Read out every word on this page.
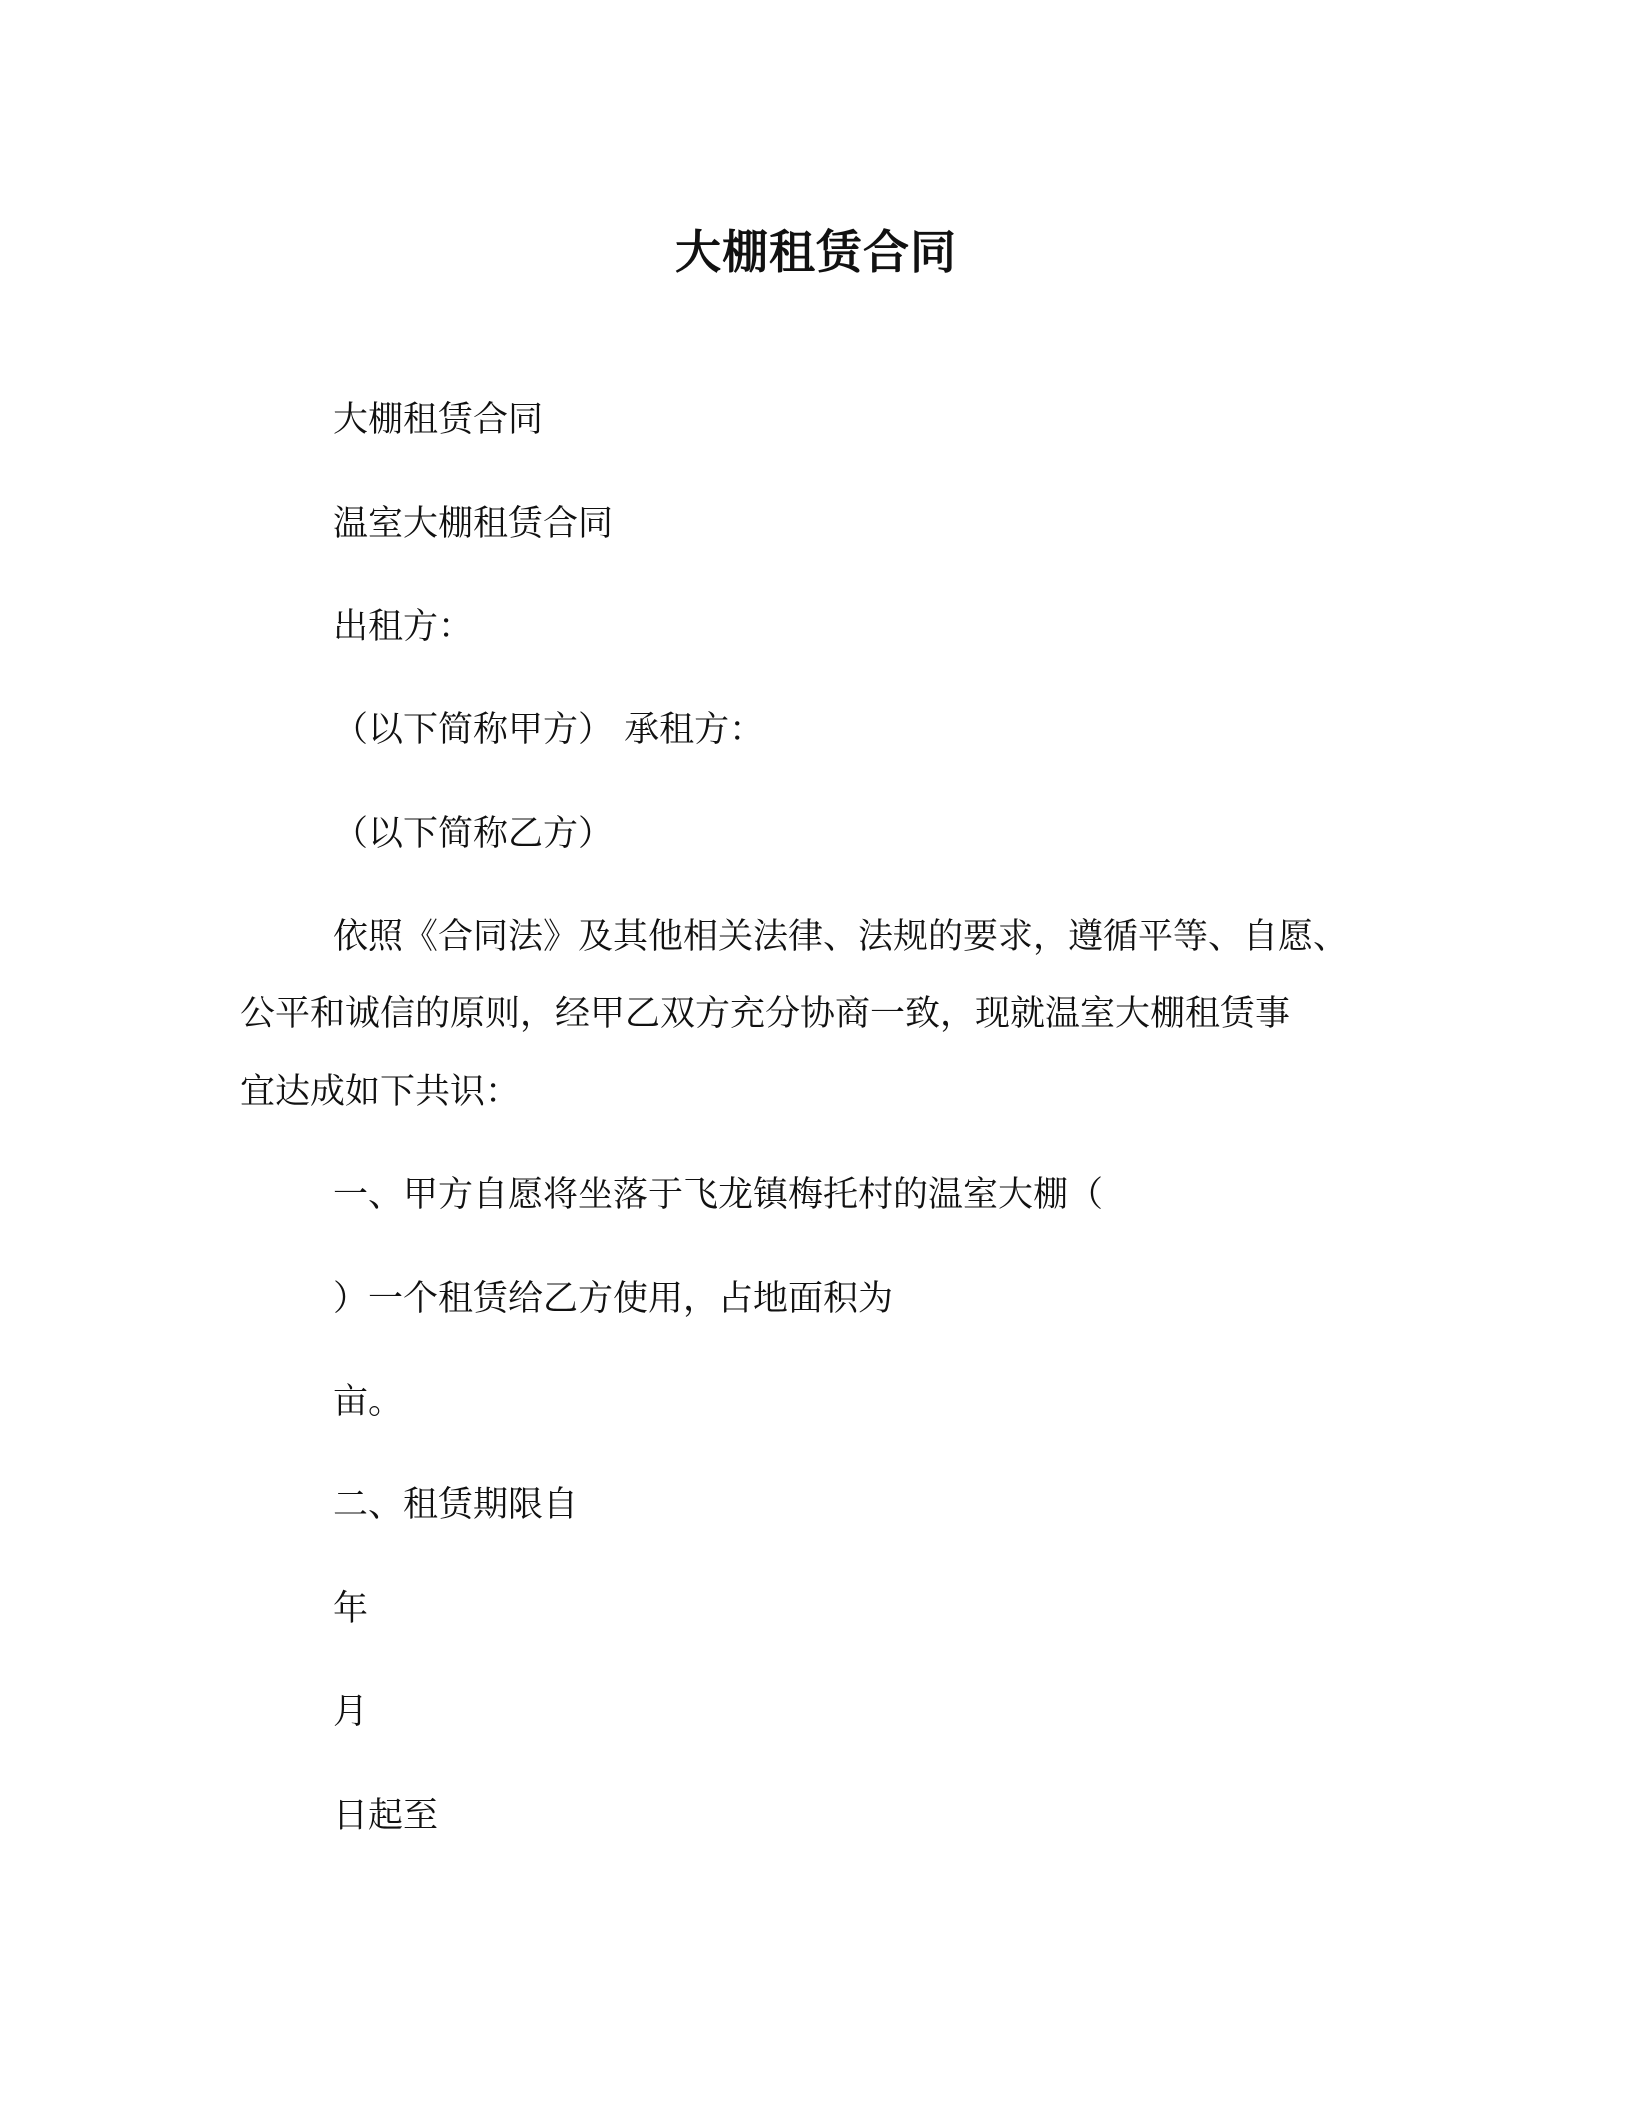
大棚租赁合同
大棚租赁合同
温室大棚租赁合同
出租方：
（以下简称甲方） 承租方：
（以下简称乙方）
依照《合同法》及其他相关法律、法规的要求，遵循平等、自愿、
公平和诚信的原则，经甲乙双方充分协商一致，现就温室大棚租赁事
宜达成如下共识：
一、甲方自愿将坐落于飞龙镇梅托村的温室大棚（
）一个租赁给乙方使用，占地面积为
亩。
二、租赁期限自
年
月
日起至
